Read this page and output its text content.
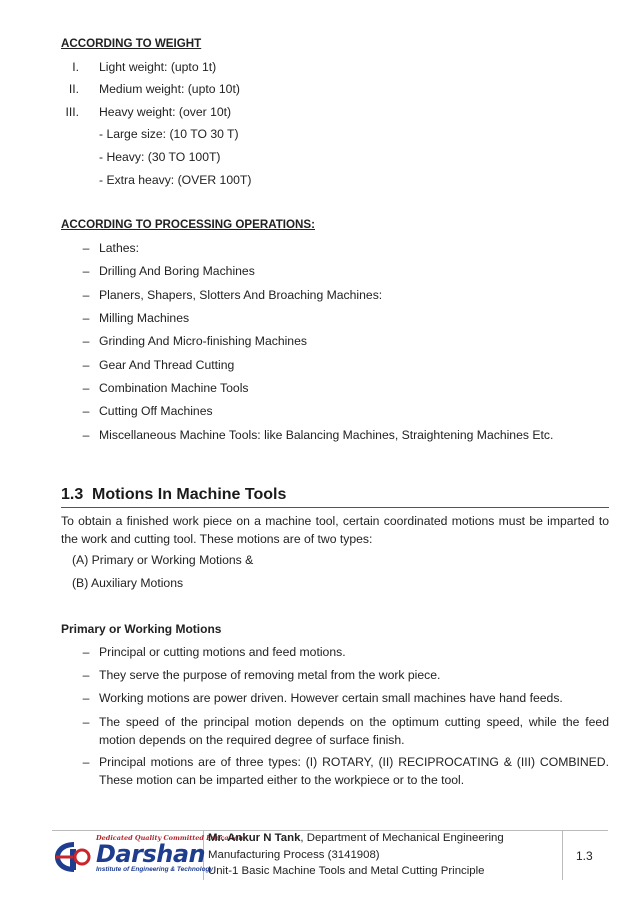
ACCORDING TO WEIGHT
I. Light weight: (upto 1t)
II. Medium weight: (upto 10t)
III. Heavy weight: (over 10t)
- Large size: (10 TO 30 T)
- Heavy: (30 TO 100T)
- Extra heavy: (OVER 100T)
ACCORDING TO PROCESSING OPERATIONS:
– Lathes:
– Drilling And Boring Machines
– Planers, Shapers, Slotters And Broaching Machines:
– Milling Machines
– Grinding And Micro-finishing Machines
– Gear And Thread Cutting
– Combination Machine Tools
– Cutting Off Machines
– Miscellaneous Machine Tools: like Balancing Machines, Straightening Machines Etc.
1.3 Motions In Machine Tools
To obtain a finished work piece on a machine tool, certain coordinated motions must be imparted to the work and cutting tool. These motions are of two types:
(A) Primary or Working Motions &
(B) Auxiliary Motions
Primary or Working Motions
– Principal or cutting motions and feed motions.
– They serve the purpose of removing metal from the work piece.
– Working motions are power driven. However certain small machines have hand feeds.
– The speed of the principal motion depends on the optimum cutting speed, while the feed motion depends on the required degree of surface finish.
– Principal motions are of three types: (I) ROTARY, (II) RECIPROCATING & (III) COMBINED. These motion can be imparted either to the workpiece or to the tool.
Dedicated Quality Committed Education
Darshan
Institute of Engineering & Technology
Mr. Ankur N Tank, Department of Mechanical Engineering
Manufacturing Process (3141908)
Unit-1 Basic Machine Tools and Metal Cutting Principle
1.3
